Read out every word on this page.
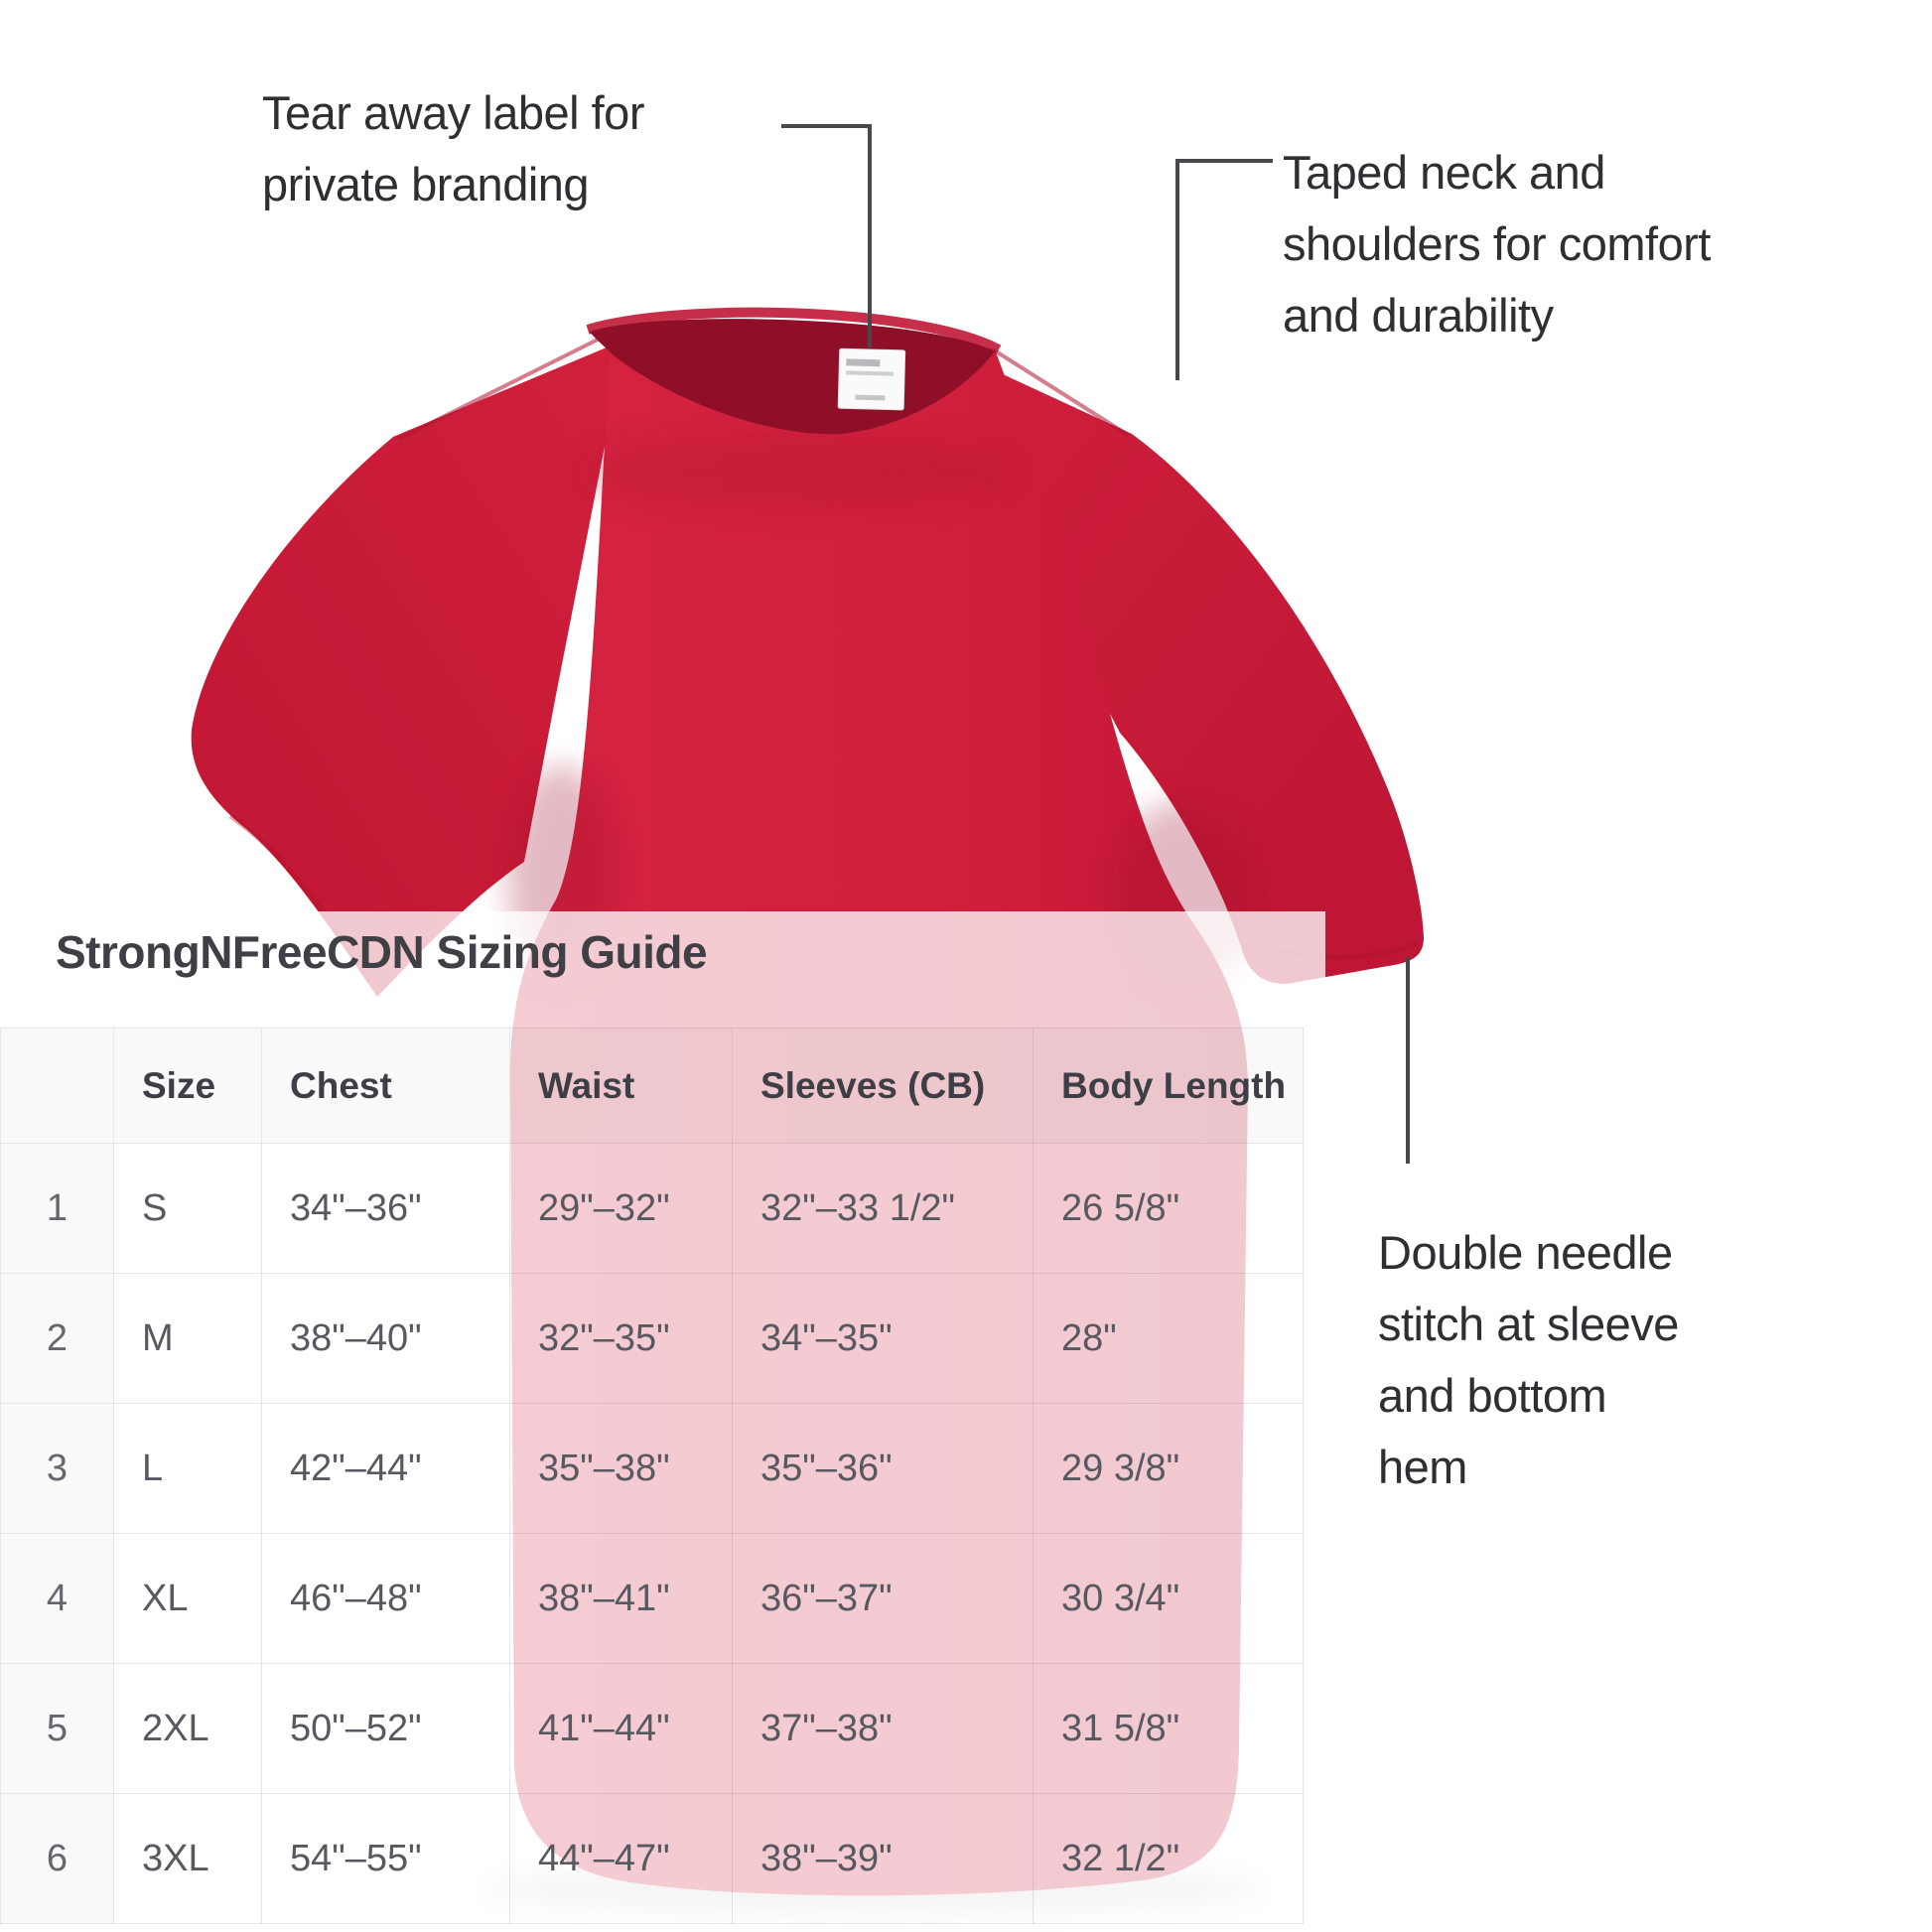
StrongNFreeCDN Sizing Guide
	Size	Chest	Waist	Sleeves (CB)	Body Length
1	S	34"–36"	29"–32"	32"–33 1/2"	26 5/8"
2	M	38"–40"	32"–35"	34"–35"	28"
3	L	42"–44"	35"–38"	35"–36"	29 3/8"
4	XL	46"–48"	38"–41"	36"–37"	30 3/4"
5	2XL	50"–52"	41"–44"	37"–38"	31 5/8"
6	3XL	54"–55"	44"–47"	38"–39"	32 1/2"
Tear away label for
private branding	Taped neck and
shoulders for comfort
and durability
Double needle
stitch at sleeve
and bottom
hem
